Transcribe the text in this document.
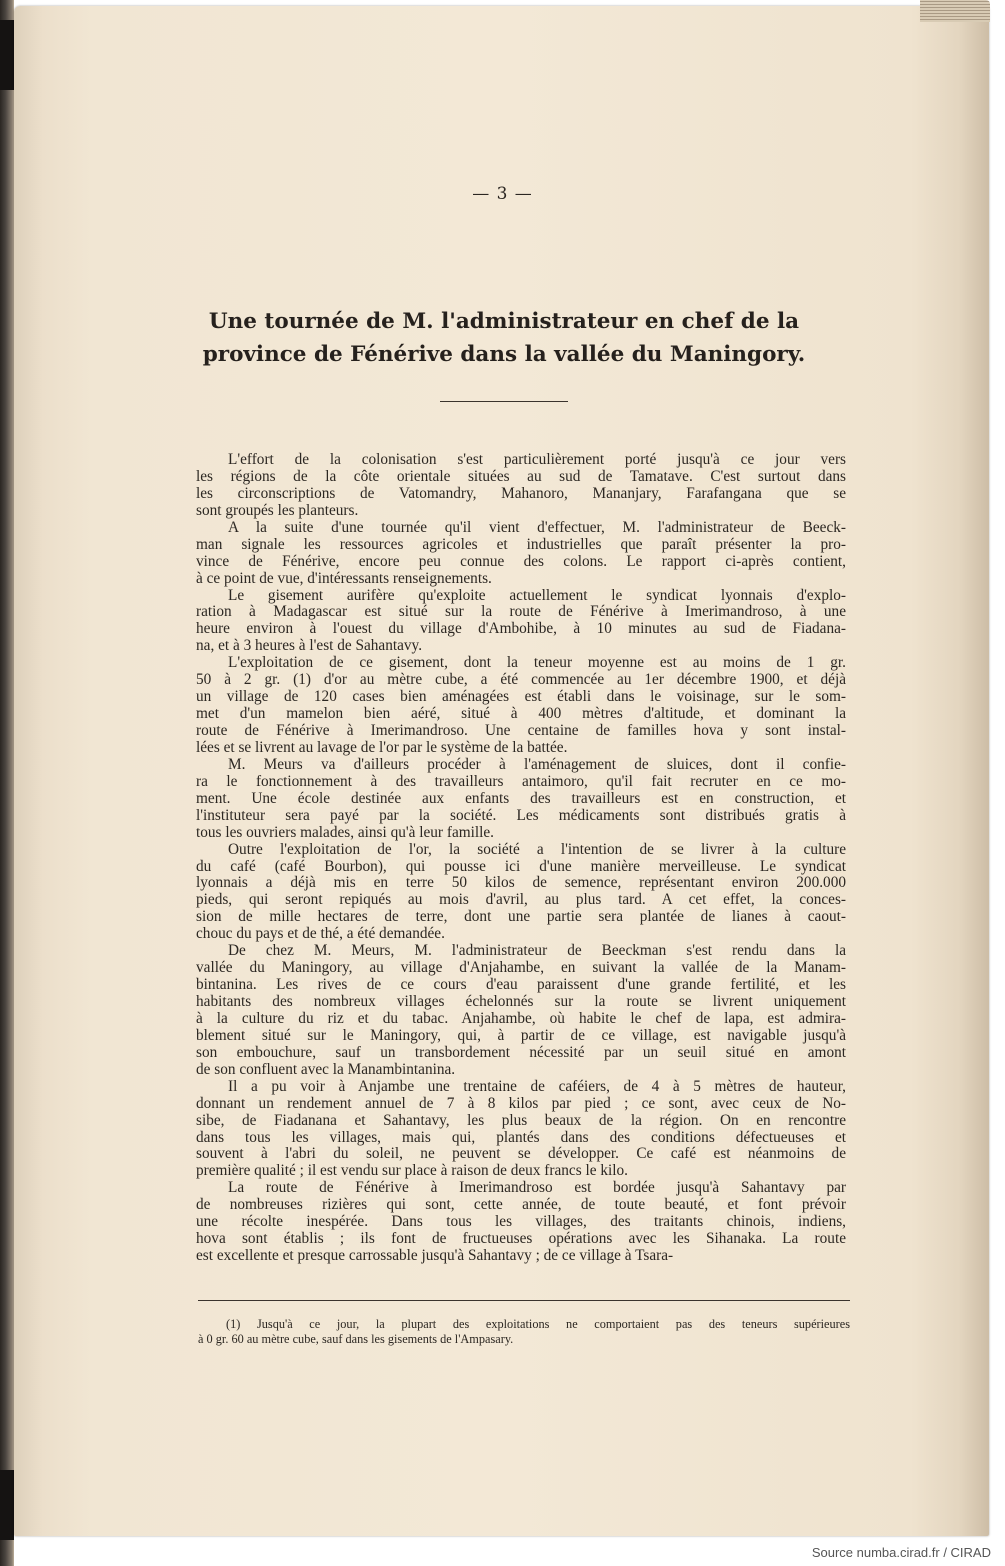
— 3 —
Une tournée de M. l'administrateur en chef de la
province de Fénérive dans la vallée du Maningory.
L'effort de la colonisation s'est particulièrement porté jusqu'à ce jour vers
les régions de la côte orientale situées au sud de Tamatave. C'est surtout dans
les circonscriptions de Vatomandry, Mahanoro, Mananjary, Farafangana que se
sont groupés les planteurs.
A la suite d'une tournée qu'il vient d'effectuer, M. l'administrateur de Beeck-
man signale les ressources agricoles et industrielles que paraît présenter la pro-
vince de Fénérive, encore peu connue des colons. Le rapport ci-après contient,
à ce point de vue, d'intéressants renseignements.
Le gisement aurifère qu'exploite actuellement le syndicat lyonnais d'explo-
ration à Madagascar est situé sur la route de Fénérive à Imerimandroso, à une
heure environ à l'ouest du village d'Ambohibe, à 10 minutes au sud de Fiadana-
na, et à 3 heures à l'est de Sahantavy.
L'exploitation de ce gisement, dont la teneur moyenne est au moins de 1 gr.
50 à 2 gr. (1) d'or au mètre cube, a été commencée au 1er décembre 1900, et déjà
un village de 120 cases bien aménagées est établi dans le voisinage, sur le som-
met d'un mamelon bien aéré, situé à 400 mètres d'altitude, et dominant la
route de Fénérive à Imerimandroso. Une centaine de familles hova y sont instal-
lées et se livrent au lavage de l'or par le système de la battée.
M. Meurs va d'ailleurs procéder à l'aménagement de sluices, dont il confie-
ra le fonctionnement à des travailleurs antaimoro, qu'il fait recruter en ce mo-
ment. Une école destinée aux enfants des travailleurs est en construction, et
l'instituteur sera payé par la société. Les médicaments sont distribués gratis à
tous les ouvriers malades, ainsi qu'à leur famille.
Outre l'exploitation de l'or, la société a l'intention de se livrer à la culture
du café (café Bourbon), qui pousse ici d'une manière merveilleuse. Le syndicat
lyonnais a déjà mis en terre 50 kilos de semence, représentant environ 200.000
pieds, qui seront repiqués au mois d'avril, au plus tard. A cet effet, la conces-
sion de mille hectares de terre, dont une partie sera plantée de lianes à caout-
chouc du pays et de thé, a été demandée.
De chez M. Meurs, M. l'administrateur de Beeckman s'est rendu dans la
vallée du Maningory, au village d'Anjahambe, en suivant la vallée de la Manam-
bintanina. Les rives de ce cours d'eau paraissent d'une grande fertilité, et les
habitants des nombreux villages échelonnés sur la route se livrent uniquement
à la culture du riz et du tabac. Anjahambe, où habite le chef de lapa, est admira-
blement situé sur le Maningory, qui, à partir de ce village, est navigable jusqu'à
son embouchure, sauf un transbordement nécessité par un seuil situé en amont
de son confluent avec la Manambintanina.
Il a pu voir à Anjambe une trentaine de caféiers, de 4 à 5 mètres de hauteur,
donnant un rendement annuel de 7 à 8 kilos par pied ; ce sont, avec ceux de No-
sibe, de Fiadanana et Sahantavy, les plus beaux de la région. On en rencontre
dans tous les villages, mais qui, plantés dans des conditions défectueuses et
souvent à l'abri du soleil, ne peuvent se développer. Ce café est néanmoins de
première qualité ; il est vendu sur place à raison de deux francs le kilo.
La route de Fénérive à Imerimandroso est bordée jusqu'à Sahantavy par
de nombreuses rizières qui sont, cette année, de toute beauté, et font prévoir
une récolte inespérée. Dans tous les villages, des traitants chinois, indiens,
hova sont établis ; ils font de fructueuses opérations avec les Sihanaka. La route
est excellente et presque carrossable jusqu'à Sahantavy ; de ce village à Tsara-
(1) Jusqu'à ce jour, la plupart des exploitations ne comportaient pas des teneurs supérieures
à 0 gr. 60 au mètre cube, sauf dans les gisements de l'Ampasary.
Source numba.cirad.fr / CIRAD
